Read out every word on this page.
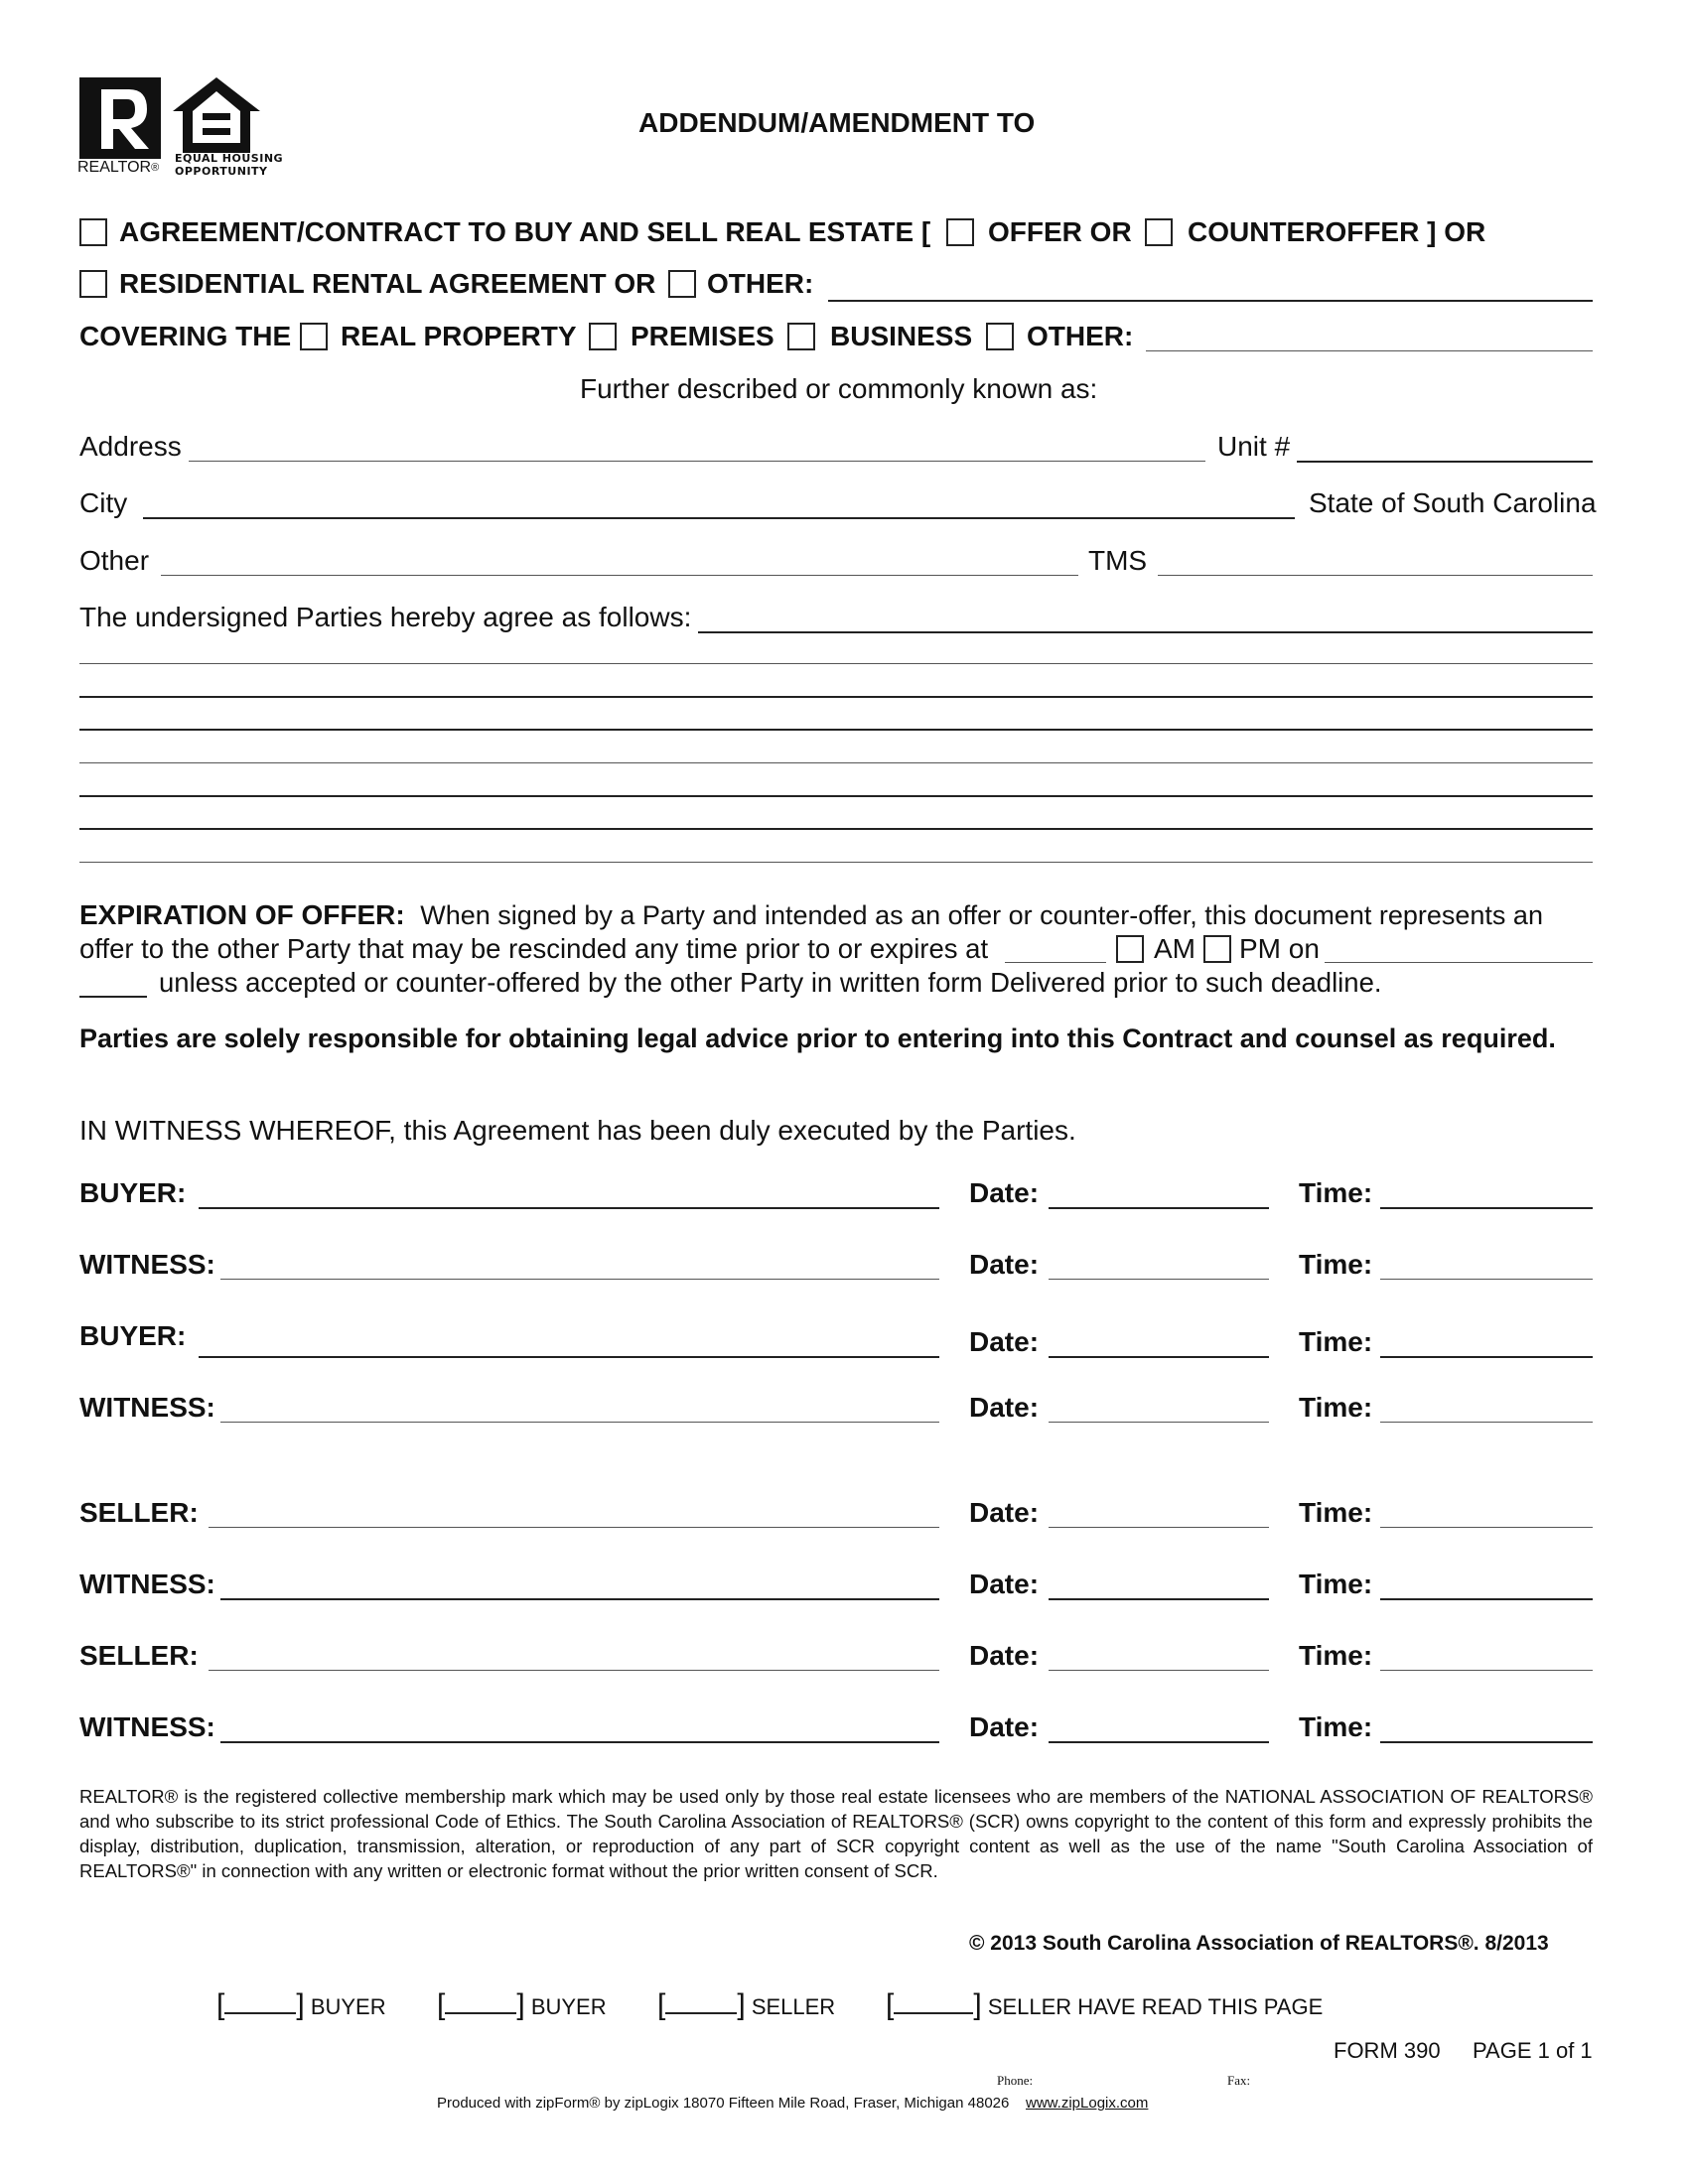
REALTOR®
EQUAL HOUSING
OPPORTUNITY
ADDENDUM/AMENDMENT TO
AGREEMENT/CONTRACT TO BUY AND SELL REAL ESTATE [ OFFER OR COUNTEROFFER ] OR
RESIDENTIAL RENTAL AGREEMENT OR OTHER:
COVERING THE REAL PROPERTY PREMISES BUSINESS OTHER:
Further described or commonly known as:
Address	Unit #
City	State of South Carolina
Other	TMS
The undersigned Parties hereby agree as follows:
EXPIRATION OF OFFER: When signed by a Party and intended as an offer or counter-offer, this document represents an
offer to the other Party that may be rescinded any time prior to or expires at	AM PM on
unless accepted or counter-offered by the other Party in written form Delivered prior to such deadline.
Parties are solely responsible for obtaining legal advice prior to entering into this Contract and counsel as required.
IN WITNESS WHEREOF, this Agreement has been duly executed by the Parties.
BUYER:	Date:	Time:
WITNESS:	Date:	Time:
BUYER:	Date:	Time:
WITNESS:	Date:	Time:
SELLER:	Date:	Time:
WITNESS:	Date:	Time:
SELLER:	Date:	Time:
WITNESS:	Date:	Time:
REALTOR® is the registered collective membership mark which may be used only by those real estate licensees who are members of the NATIONAL ASSOCIATION OF REALTORS® and who subscribe to its strict professional Code of Ethics. The South Carolina Association of REALTORS® (SCR) owns copyright to the content of this form and expressly prohibits the display, distribution, duplication, transmission, alteration, or reproduction of any part of SCR copyright content as well as the use of the name "South Carolina Association of REALTORS®" in connection with any written or electronic format without the prior written consent of SCR.
© 2013 South Carolina Association of REALTORS®. 8/2013
[ ] BUYER [ ] BUYER [ ] SELLER [	] SELLER HAVE READ THIS PAGE
FORM 390 PAGE 1 of 1
Phone:	Fax:
Produced with zipForm® by zipLogix 18070 Fifteen Mile Road, Fraser, Michigan 48026 www.zipLogix.com
